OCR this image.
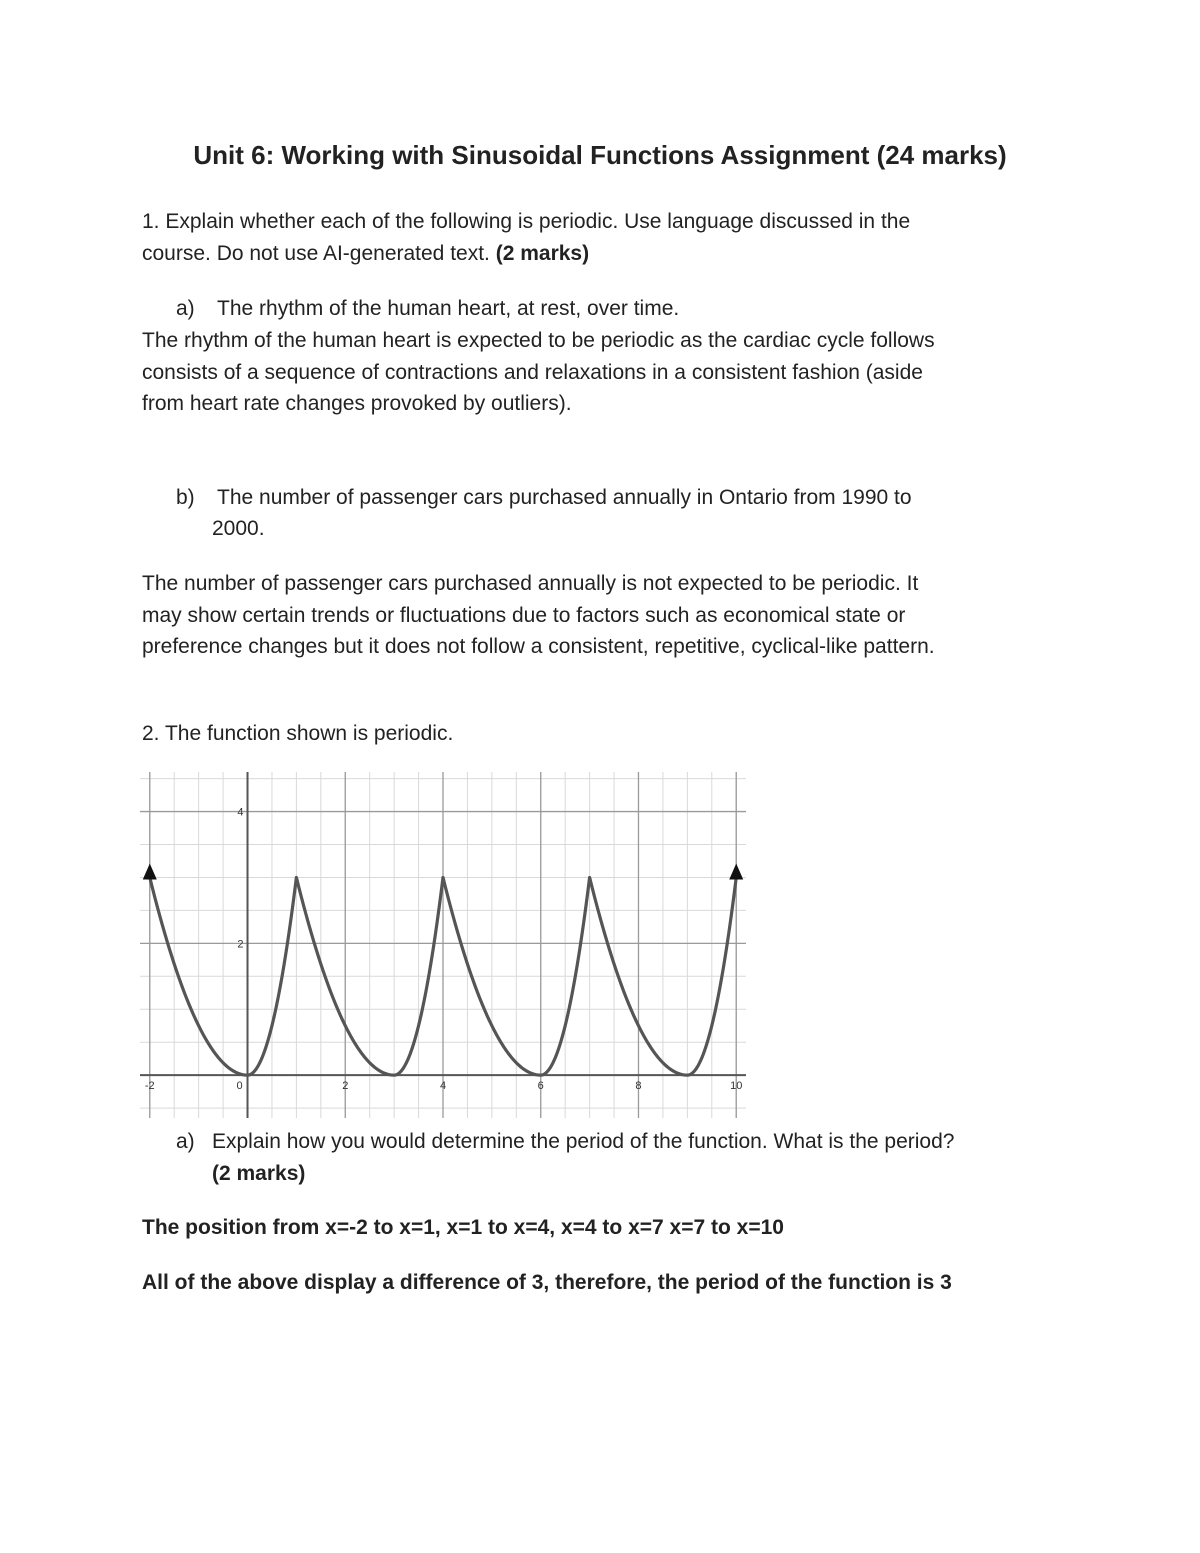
Unit 6: Working with Sinusoidal Functions Assignment (24 marks)
1. Explain whether each of the following is periodic. Use language discussed in the
course. Do not use AI-generated text. (2 marks)
a) The rhythm of the human heart, at rest, over time.
The rhythm of the human heart is expected to be periodic as the cardiac cycle follows
consists of a sequence of contractions and relaxations in a consistent fashion (aside
from heart rate changes provoked by outliers).
b) The number of passenger cars purchased annually in Ontario from 1990 to
2000.
The number of passenger cars purchased annually is not expected to be periodic. It
may show certain trends or fluctuations due to factors such as economical state or
preference changes but it does not follow a consistent, repetitive, cyclical-like pattern.
2. The function shown is periodic.
-2	0	2	4	6	8	10
2
4
a) Explain how you would determine the period of the function. What is the period?
(2 marks)
The position from x=-2 to x=1, x=1 to x=4, x=4 to x=7 x=7 to x=10
All of the above display a difference of 3, therefore, the period of the function is 3
